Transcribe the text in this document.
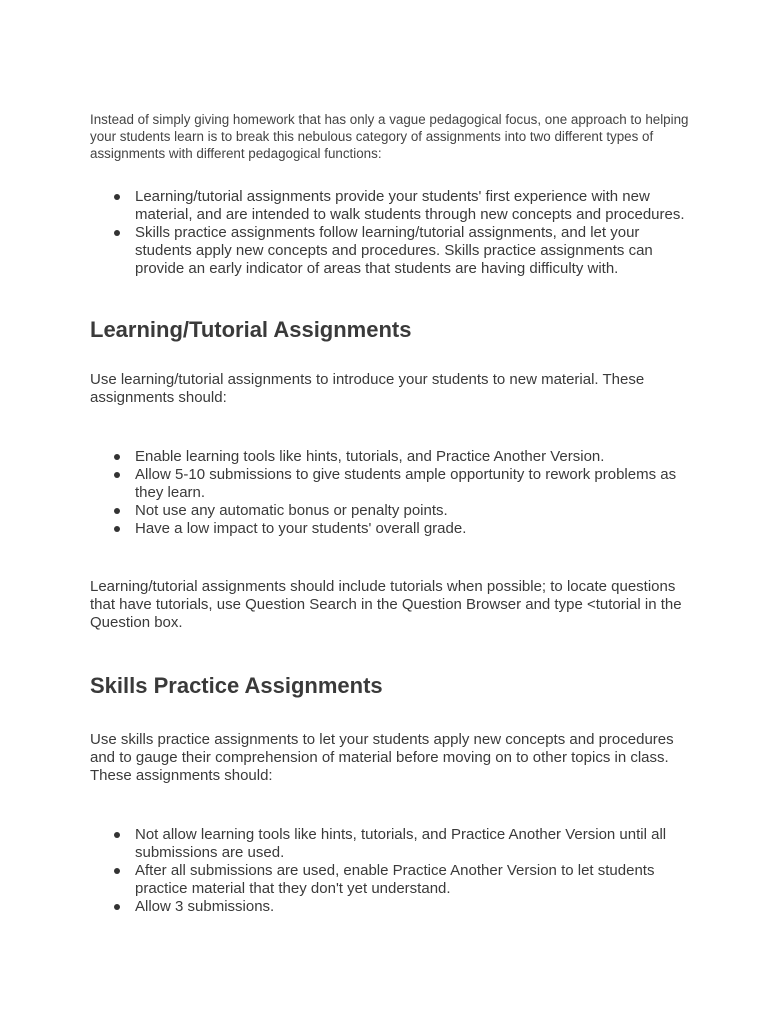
Instead of simply giving homework that has only a vague pedagogical focus, one approach to helping your students learn is to break this nebulous category of assignments into two different types of assignments with different pedagogical functions:

Learning/tutorial assignments provide your students' first experience with new material, and are intended to walk students through new concepts and procedures.
Skills practice assignments follow learning/tutorial assignments, and let your students apply new concepts and procedures. Skills practice assignments can provide an early indicator of areas that students are having difficulty with.
Learning/Tutorial Assignments

Use learning/tutorial assignments to introduce your students to new material. These assignments should:

Enable learning tools like hints, tutorials, and Practice Another Version.
Allow 5-10 submissions to give students ample opportunity to rework problems as they learn.
Not use any automatic bonus or penalty points.
Have a low impact to your students' overall grade.

Learning/tutorial assignments should include tutorials when possible; to locate questions that have tutorials, use Question Search in the Question Browser and type <tutorial in the Question box.

Skills Practice Assignments

Use skills practice assignments to let your students apply new concepts and procedures and to gauge their comprehension of material before moving on to other topics in class. These assignments should:

Not allow learning tools like hints, tutorials, and Practice Another Version until all submissions are used.
After all submissions are used, enable Practice Another Version to let students practice material that they don't yet understand.
Allow 3 submissions.
